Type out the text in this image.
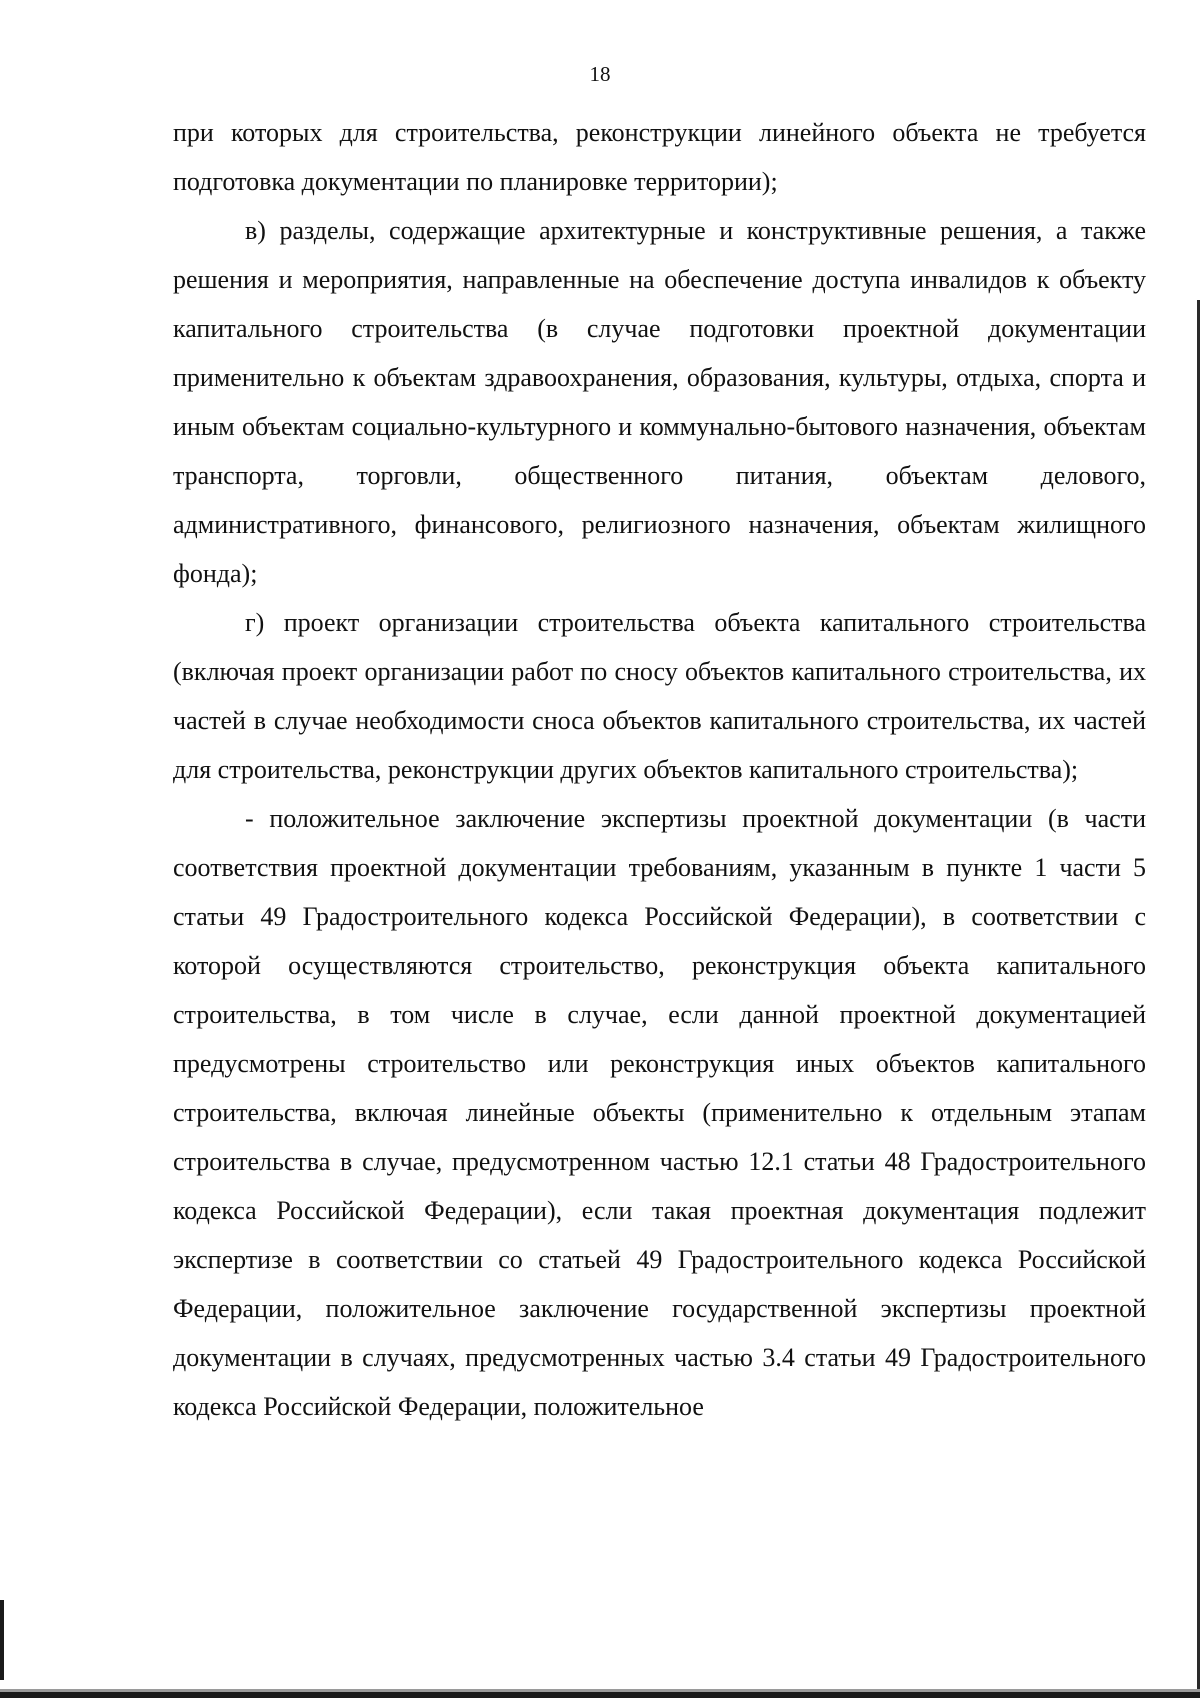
18

при которых для строительства, реконструкции линейного объекта не требуется подготовка документации по планировке территории);

в) разделы, содержащие архитектурные и конструктивные решения, а также решения и мероприятия, направленные на обеспечение доступа инвалидов к объекту капитального строительства (в случае подготовки проектной документации применительно к объектам здравоохранения, образования, культуры, отдыха, спорта и иным объектам социально-культурного и коммунально-бытового назначения, объектам транспорта, торговли, общественного питания, объектам делового, административного, финансового, религиозного назначения, объектам жилищного фонда);

г) проект организации строительства объекта капитального строительства (включая проект организации работ по сносу объектов капитального строительства, их частей в случае необходимости сноса объектов капитального строительства, их частей для строительства, реконструкции других объектов капитального строительства);

- положительное заключение экспертизы проектной документации (в части соответствия проектной документации требованиям, указанным в пункте 1 части 5 статьи 49 Градостроительного кодекса Российской Федерации), в соответствии с которой осуществляются строительство, реконструкция объекта капитального строительства, в том числе в случае, если данной проектной документацией предусмотрены строительство или реконструкция иных объектов капитального строительства, включая линейные объекты (применительно к отдельным этапам строительства в случае, предусмотренном частью 12.1 статьи 48 Градостроительного кодекса Российской Федерации), если такая проектная документация подлежит экспертизе в соответствии со статьей 49 Градостроительного кодекса Российской Федерации, положительное заключение государственной экспертизы проектной документации в случаях, предусмотренных частью 3.4 статьи 49 Градостроительного кодекса Российской Федерации, положительное
